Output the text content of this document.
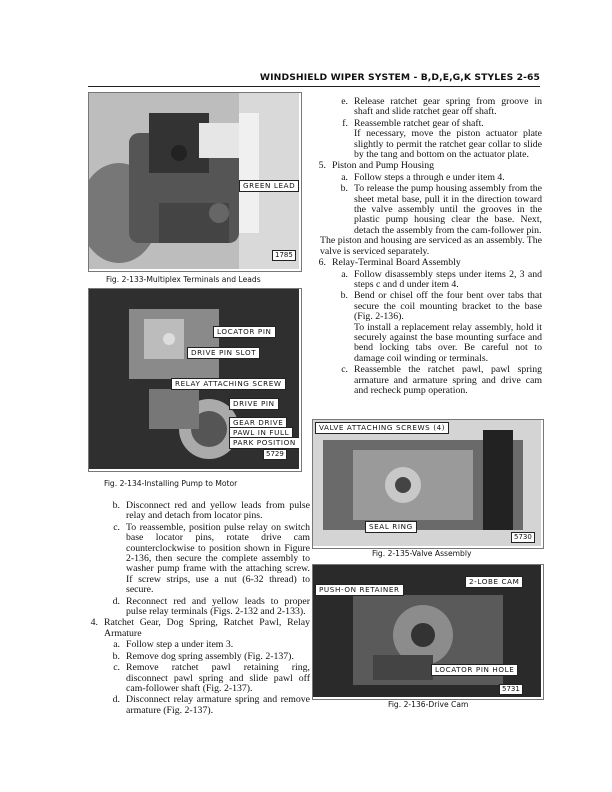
WINDSHIELD WIPER SYSTEM - B,D,E,G,K STYLES 2-65
GREEN LEAD
1785
Fig. 2-133-Multiplex Terminals and Leads
LOCATOR PIN
DRIVE PIN SLOT
RELAY ATTACHING SCREW
DRIVE PIN
GEAR DRIVE
PAWL IN FULL
PARK POSITION
5729
Fig. 2-134-Installing Pump to Motor
b. Disconnect red and yellow leads from pulse relay and detach from locator pins.
c. To reassemble, position pulse relay on switch base locator pins, rotate drive cam counterclockwise to position shown in Figure 2-136, then secure the complete assembly to washer pump frame with the attaching screw. If screw strips, use a nut (6-32 thread) to secure.
d. Reconnect red and yellow leads to proper pulse relay terminals (Figs. 2-132 and 2-133).
4. Ratchet Gear, Dog Spring, Ratchet Pawl, Relay Armature
a. Follow step a under item 3.
b. Remove dog spring assembly (Fig. 2-137).
c. Remove ratchet pawl retaining ring, disconnect pawl spring and slide pawl off cam-follower shaft (Fig. 2-137).
d. Disconnect relay armature spring and remove armature (Fig. 2-137).
e. Release ratchet gear spring from groove in shaft and slide ratchet gear off shaft.
f. Reassemble ratchet gear of shaft.
If necessary, move the piston actuator plate slightly to permit the ratchet gear collar to slide by the tang and bottom on the actuator plate.
5. Piston and Pump Housing
a. Follow steps a through e under item 4.
b. To release the pump housing assembly from the sheet metal base, pull it in the direction toward the valve assembly until the grooves in the plastic pump housing clear the base. Next, detach the assembly from the cam-follower pin.
The piston and housing are serviced as an assembly. The valve is serviced separately.
6. Relay-Terminal Board Assembly
a. Follow disassembly steps under items 2, 3 and steps c and d under item 4.
b. Bend or chisel off the four bent over tabs that secure the coil mounting bracket to the base (Fig. 2-136).
To install a replacement relay assembly, hold it securely against the base mounting surface and bend locking tabs over. Be careful not to damage coil winding or terminals.
c. Reassemble the ratchet pawl, pawl spring armature and armature spring and drive cam and recheck pump operation.
VALVE ATTACHING SCREWS (4)
SEAL RING
5730
Fig. 2-135-Valve Assembly
2-LOBE CAM
PUSH-ON RETAINER
LOCATOR PIN HOLE
5731
Fig. 2-136-Drive Cam
